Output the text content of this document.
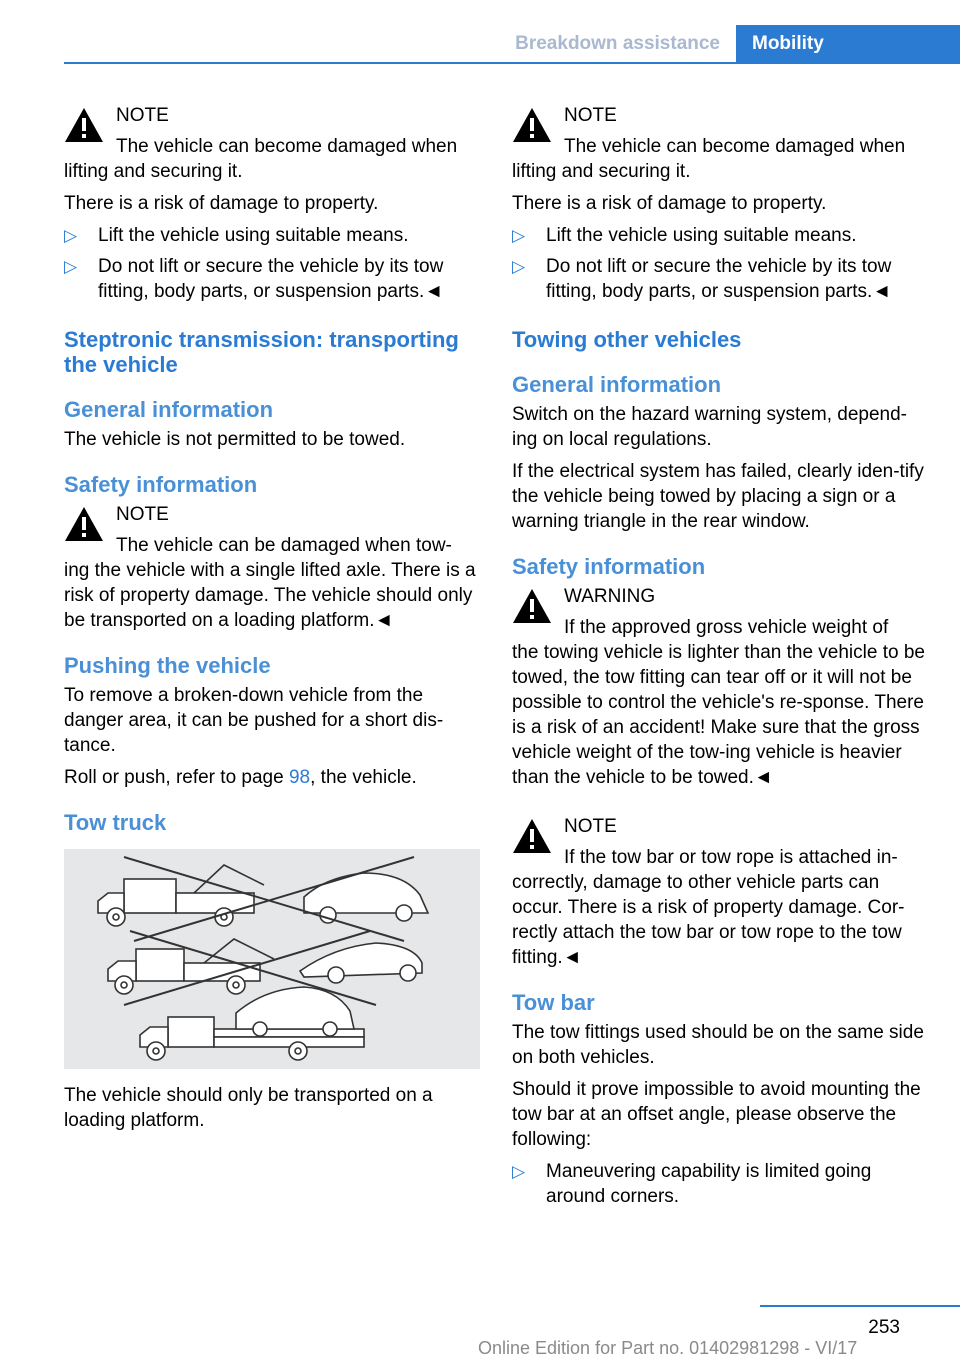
Breakdown assistance	Mobility
NOTE
The vehicle can become damaged when

lifting and securing it.

There is a risk of damage to property.

▷ Lift the vehicle using suitable means.
▷ Do not lift or secure the vehicle by its tow fitting, body parts, or suspension parts.◄
Steptronic transmission: transporting the vehicle
General information

The vehicle is not permitted to be towed.

Safety information
NOTE
The vehicle can be damaged when tow-

ing the vehicle with a single lifted axle. There is a risk of property damage. The vehicle should only be transported on a loading platform.◄

Pushing the vehicle

To remove a broken-down vehicle from the danger area, it can be pushed for a short dis-tance.

Roll or push, refer to page 98, the vehicle.

Tow truck

The vehicle should only be transported on a loading platform.

NOTE
The vehicle can become damaged when

lifting and securing it.

There is a risk of damage to property.

▷ Lift the vehicle using suitable means.
▷ Do not lift or secure the vehicle by its tow fitting, body parts, or suspension parts.◄
Towing other vehicles
General information

Switch on the hazard warning system, depend-ing on local regulations.

If the electrical system has failed, clearly iden-tify the vehicle being towed by placing a sign or a warning triangle in the rear window.

Safety information
WARNING
If the approved gross vehicle weight of

the towing vehicle is lighter than the vehicle to be towed, the tow fitting can tear off or it will not be possible to control the vehicle's re-sponse. There is a risk of an accident! Make sure that the gross vehicle weight of the tow-ing vehicle is heavier than the vehicle to be towed.◄

NOTE
If the tow bar or tow rope is attached in-

correctly, damage to other vehicle parts can occur. There is a risk of property damage. Cor-rectly attach the tow bar or tow rope to the tow fitting.◄

Tow bar

The tow fittings used should be on the same side on both vehicles.

Should it prove impossible to avoid mounting the tow bar at an offset angle, please observe the following:

▷ Maneuvering capability is limited going around corners.
253
Online Edition for Part no. 01402981298 - VI/17
